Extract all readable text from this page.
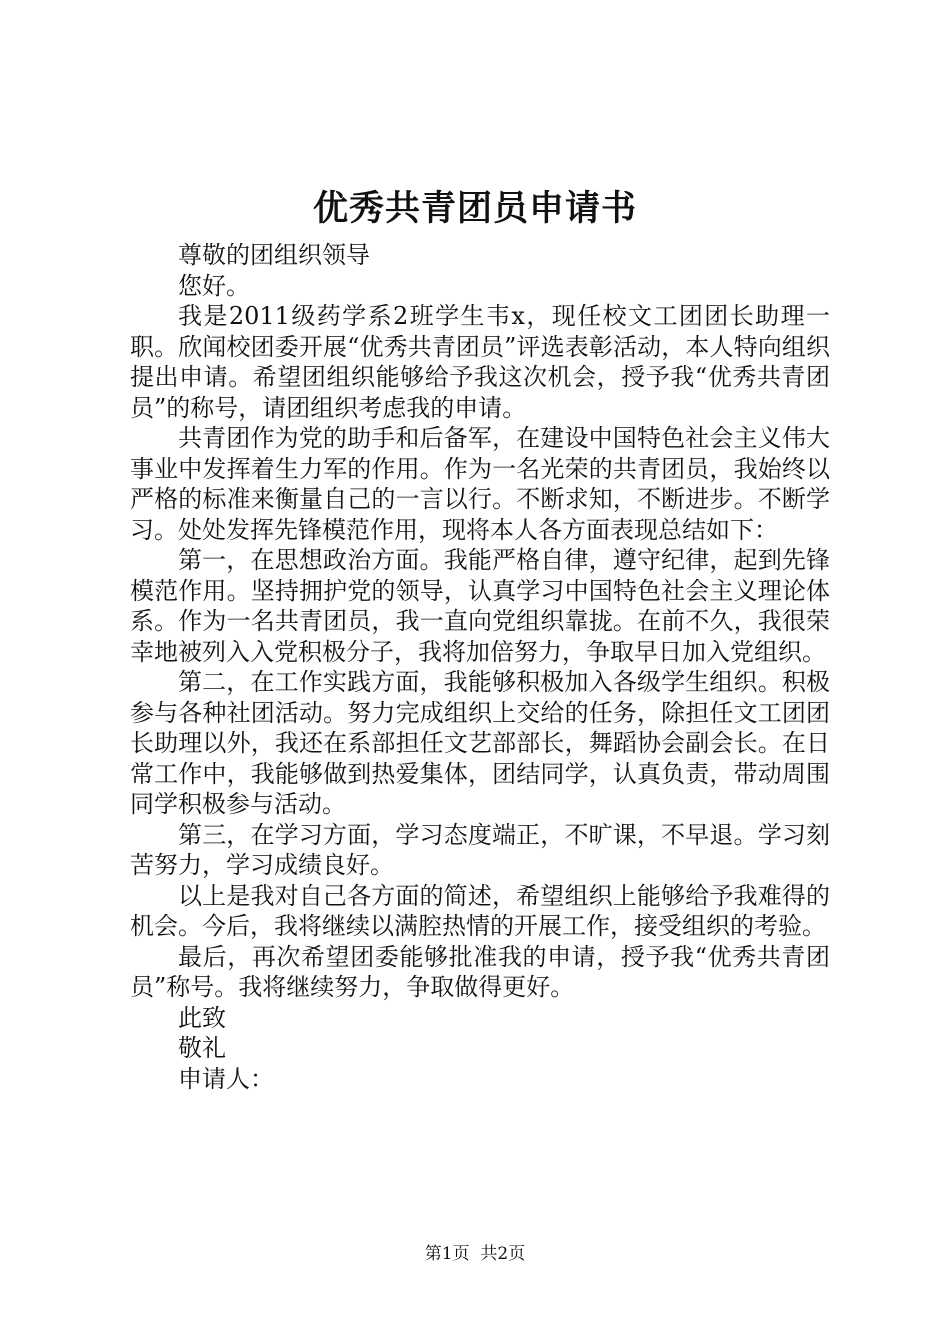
优秀共青团员申请书

尊敬的团组织领导

您好。

我是2011级药学系2班学生韦x，现任校文工团团长助理一职。欣闻校团委开展“优秀共青团员”评选表彰活动，本人特向组织提出申请。希望团组织能够给予我这次机会，授予我“优秀共青团员”的称号，请团组织考虑我的申请。

共青团作为党的助手和后备军，在建设中国特色社会主义伟大事业中发挥着生力军的作用。作为一名光荣的共青团员，我始终以严格的标准来衡量自己的一言以行。不断求知，不断进步。不断学习。处处发挥先锋模范作用，现将本人各方面表现总结如下：

第一，在思想政治方面。我能严格自律，遵守纪律，起到先锋模范作用。坚持拥护党的领导，认真学习中国特色社会主义理论体系。作为一名共青团员，我一直向党组织靠拢。在前不久，我很荣幸地被列入入党积极分子，我将加倍努力，争取早日加入党组织。

第二，在工作实践方面，我能够积极加入各级学生组织。积极参与各种社团活动。努力完成组织上交给的任务，除担任文工团团长助理以外，我还在系部担任文艺部部长，舞蹈协会副会长。在日常工作中，我能够做到热爱集体，团结同学，认真负责，带动周围同学积极参与活动。

第三，在学习方面，学习态度端正，不旷课，不早退。学习刻苦努力，学习成绩良好。

以上是我对自己各方面的简述，希望组织上能够给予我难得的机会。今后，我将继续以满腔热情的开展工作，接受组织的考验。

最后，再次希望团委能够批准我的申请，授予我“优秀共青团员”称号。我将继续努力，争取做得更好。

此致

敬礼

申请人：

第1页 共2页
